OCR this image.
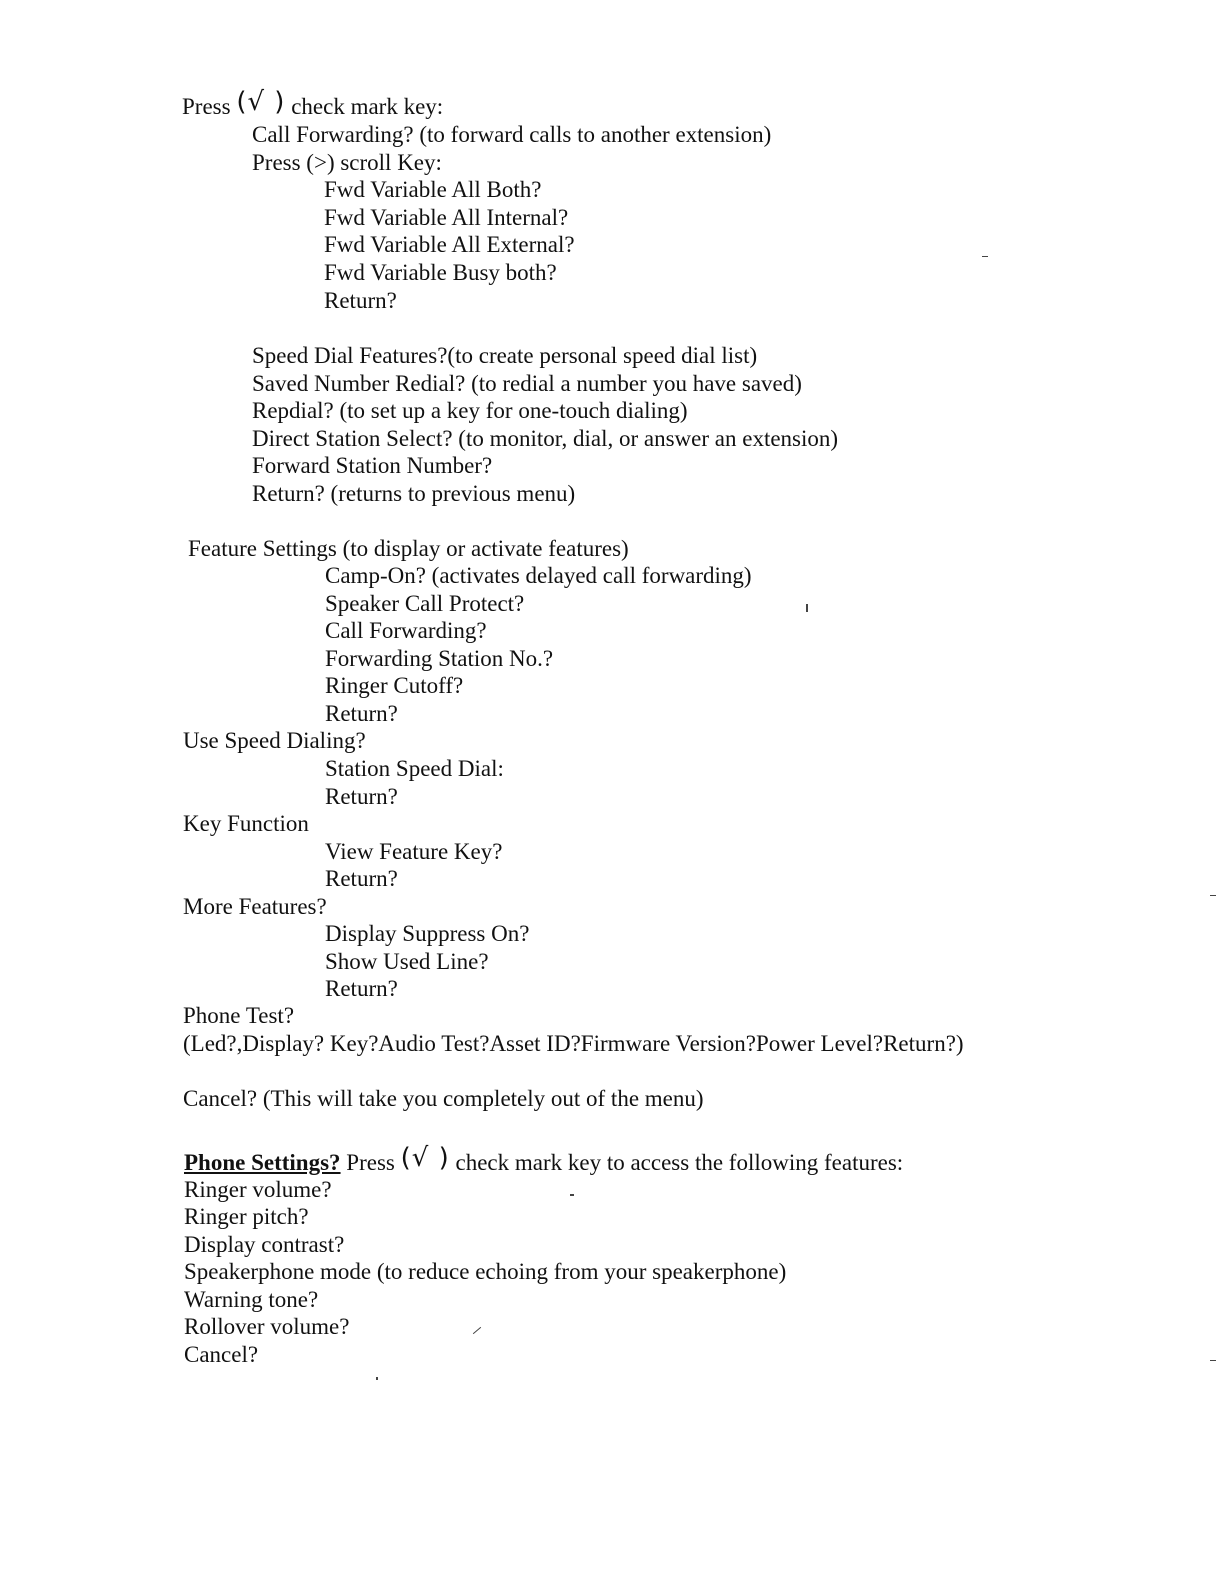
Press (√ ) check mark key:
Call Forwarding? (to forward calls to another extension)
Press (>) scroll Key:
Fwd Variable All Both?
Fwd Variable All Internal?
Fwd Variable All External?
Fwd Variable Busy both?
Return?
Speed Dial Features?(to create personal speed dial list)
Saved Number Redial? (to redial a number you have saved)
Repdial? (to set up a key for one-touch dialing)
Direct Station Select? (to monitor, dial, or answer an extension)
Forward Station Number?
Return? (returns to previous menu)
Feature Settings (to display or activate features)
Camp-On? (activates delayed call forwarding)
Speaker Call Protect?
Call Forwarding?
Forwarding Station No.?
Ringer Cutoff?
Return?
Use Speed Dialing?
Station Speed Dial:
Return?
Key Function
View Feature Key?
Return?
More Features?
Display Suppress On?
Show Used Line?
Return?
Phone Test?
(Led?,Display? Key?Audio Test?Asset ID?Firmware Version?Power Level?Return?)
Cancel? (This will take you completely out of the menu)
Phone Settings? Press (√ ) check mark key to access the following features:
Ringer volume?
Ringer pitch?
Display contrast?
Speakerphone mode (to reduce echoing from your speakerphone)
Warning tone?
Rollover volume?
Cancel?
